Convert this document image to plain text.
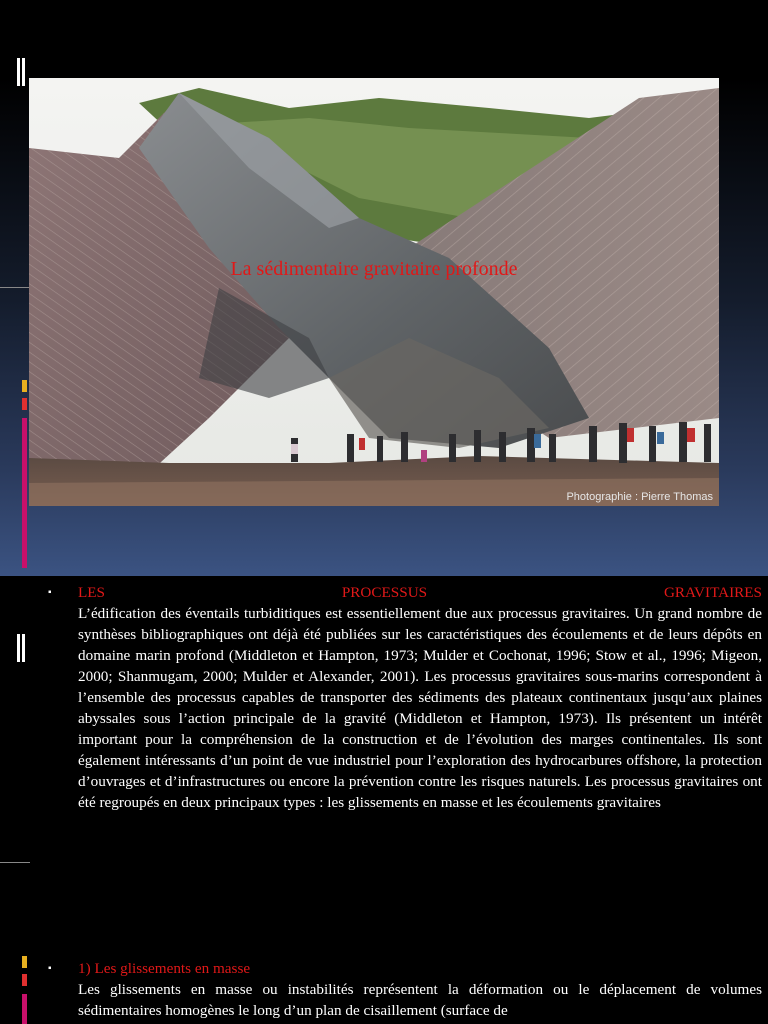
La sédimentaire gravitaire profonde
Photographie : Pierre Thomas
▪	LES	PROCESSUS	GRAVITAIRES
L’édification des éventails turbiditiques est essentiellement due aux processus gravitaires. Un grand nombre de synthèses bibliographiques ont déjà été publiées sur les caractéristiques des écoulements et de leurs dépôts en domaine marin profond (Middleton et Hampton, 1973; Mulder et Cochonat, 1996; Stow et al., 1996; Migeon, 2000; Shanmugam, 2000; Mulder et Alexander, 2001). Les processus gravitaires sous-marins correspondent à l’ensemble des processus capables de transporter des sédiments des plateaux continentaux jusqu’aux plaines abyssales sous l’action principale de la gravité (Middleton et Hampton, 1973). Ils présentent un intérêt important pour la compréhension de la construction et de l’évolution des marges continentales. Ils sont également intéressants d’un point de vue industriel pour l’exploration des hydrocarbures offshore, la protection d’ouvrages et d’infrastructures ou encore la prévention contre les risques naturels. Les processus gravitaires ont été regroupés en deux principaux types : les glissements en masse et les écoulements gravitaires
▪	1) Les glissements en masse
Les glissements en masse ou instabilités représentent la déformation ou le déplacement de volumes sédimentaires homogènes le long d’un plan de cisaillement (surface de
